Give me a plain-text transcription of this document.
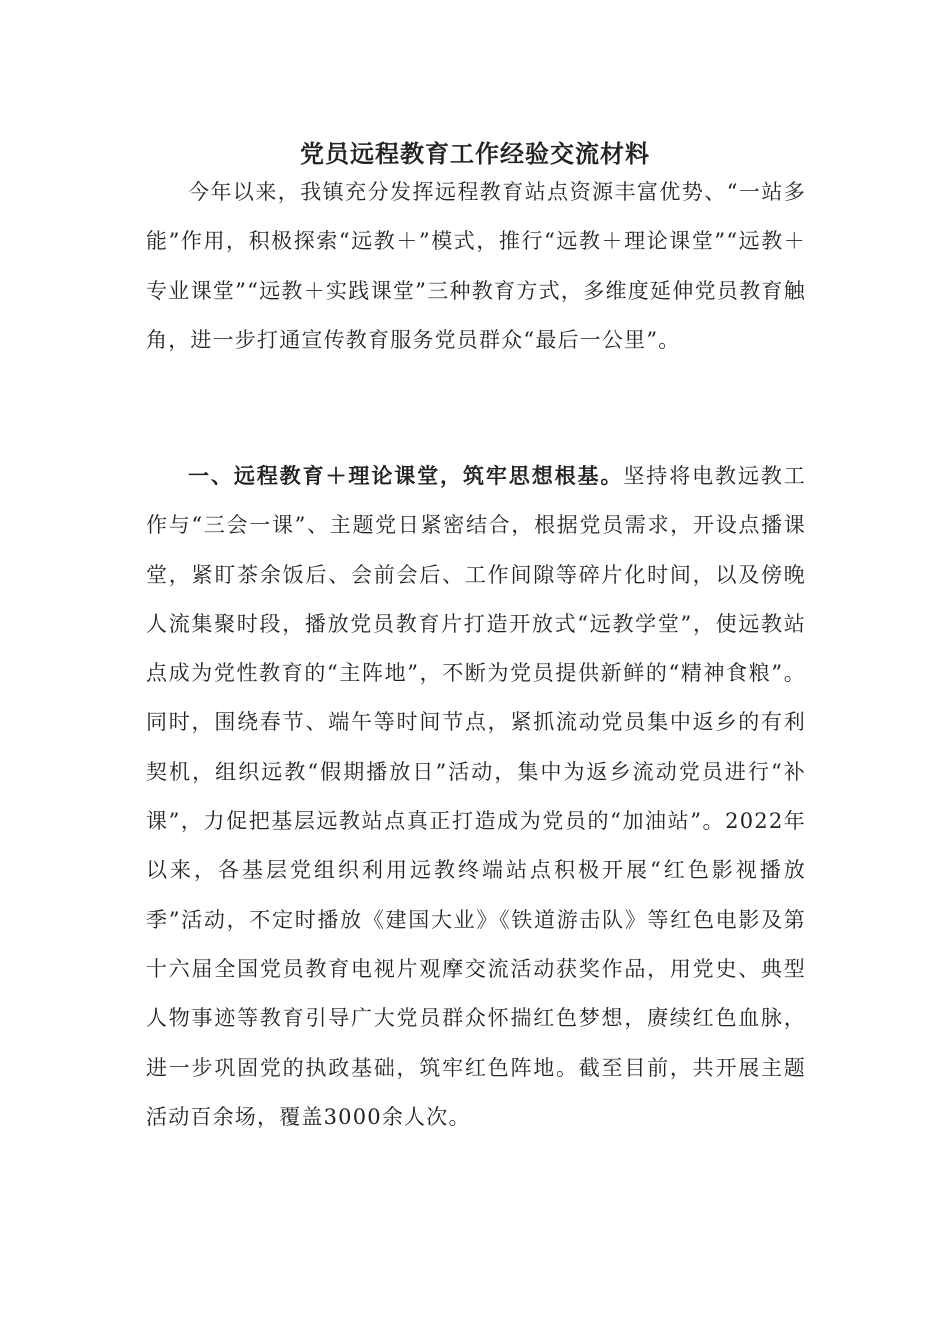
党员远程教育工作经验交流材料

今年以来，我镇充分发挥远程教育站点资源丰富优势、“一站多能”作用，积极探索“远教＋”模式，推行“远教＋理论课堂”“远教＋专业课堂”“远教＋实践课堂”三种教育方式，多维度延伸党员教育触角，进一步打通宣传教育服务党员群众“最后一公里”。

一、远程教育＋理论课堂，筑牢思想根基。坚持将电教远教工作与“三会一课”、主题党日紧密结合，根据党员需求，开设点播课堂，紧盯茶余饭后、会前会后、工作间隙等碎片化时间，以及傍晚人流集聚时段，播放党员教育片打造开放式“远教学堂”，使远教站点成为党性教育的“主阵地”，不断为党员提供新鲜的“精神食粮”。同时，围绕春节、端午等时间节点，紧抓流动党员集中返乡的有利契机，组织远教“假期播放日”活动，集中为返乡流动党员进行“补课”，力促把基层远教站点真正打造成为党员的“加油站”。2022年以来，各基层党组织利用远教终端站点积极开展“红色影视播放季”活动，不定时播放《建国大业》《铁道游击队》等红色电影及第十六届全国党员教育电视片观摩交流活动获奖作品，用党史、典型人物事迹等教育引导广大党员群众怀揣红色梦想，赓续红色血脉，进一步巩固党的执政基础，筑牢红色阵地。截至目前，共开展主题活动百余场，覆盖3000余人次。
